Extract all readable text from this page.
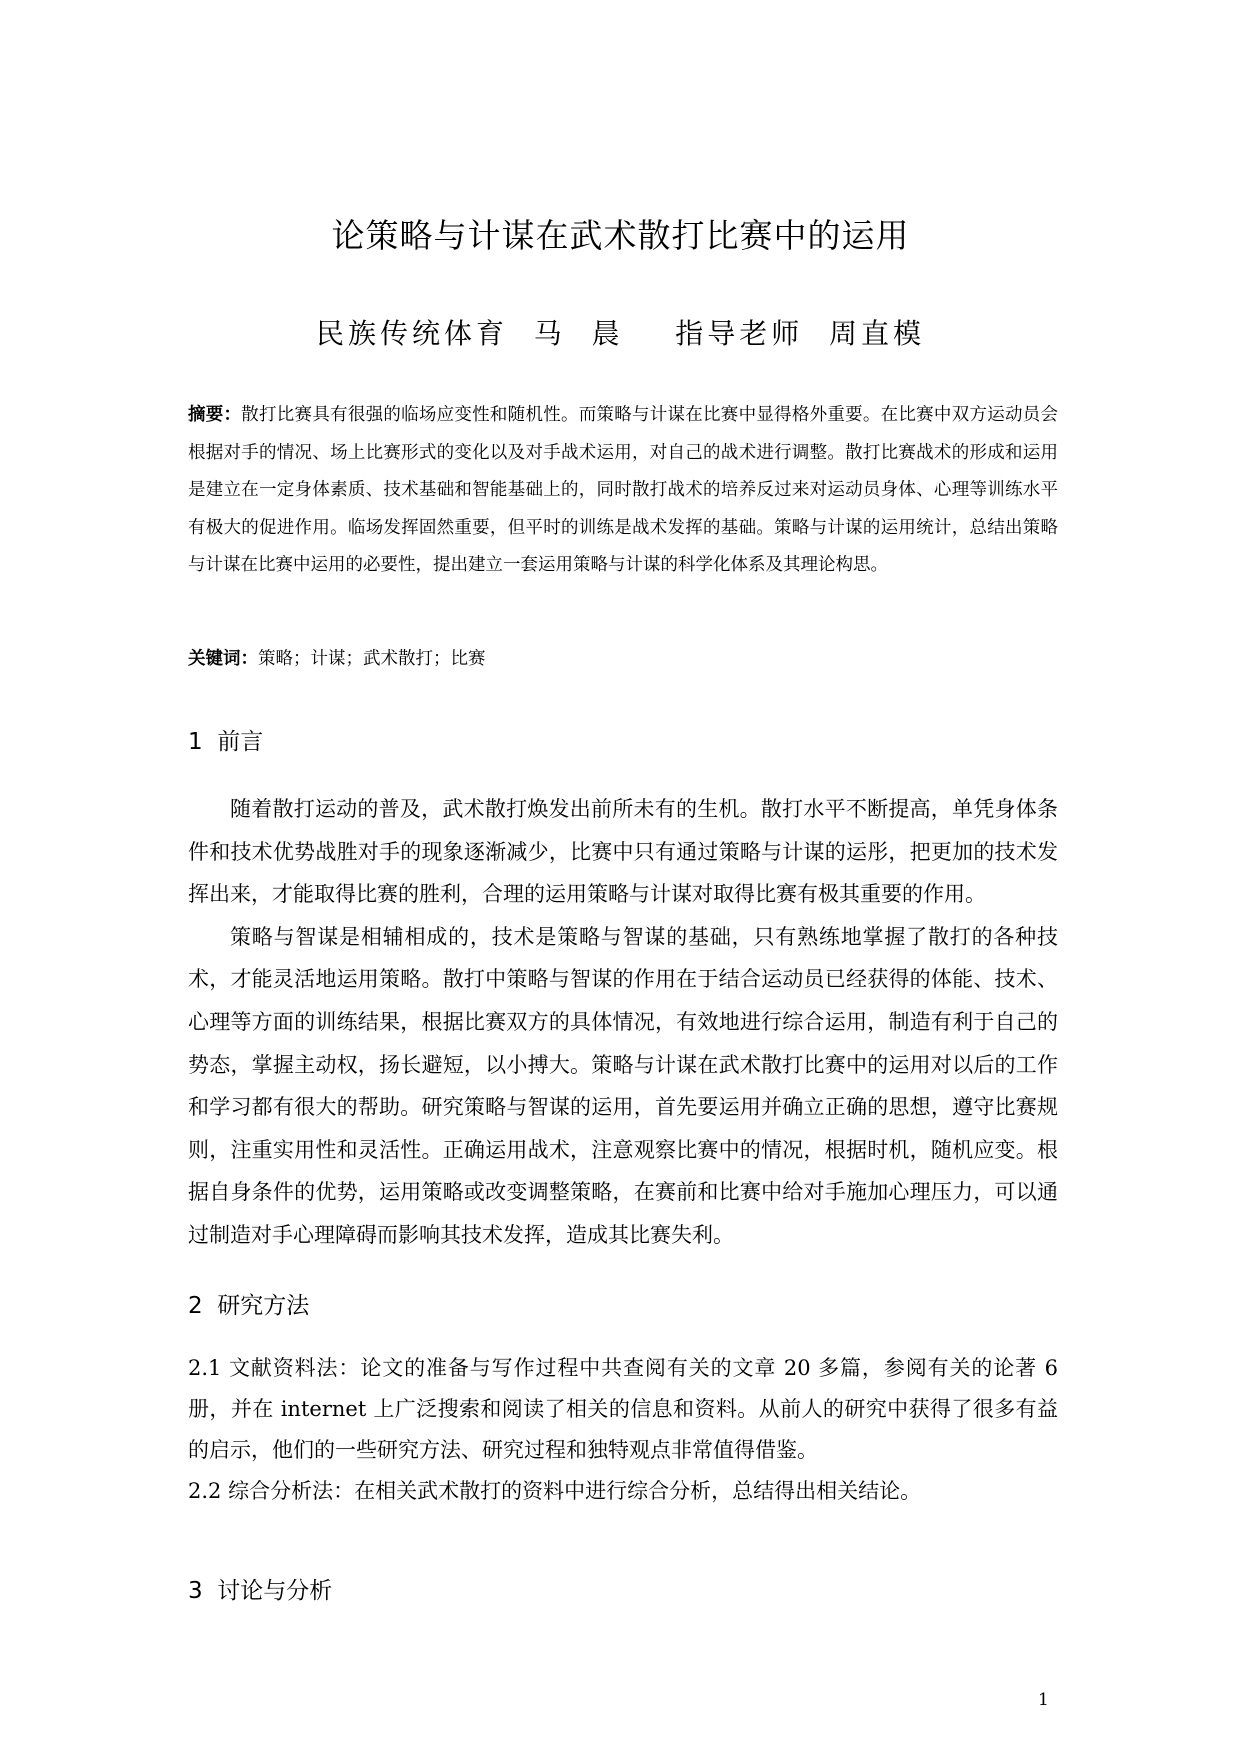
论策略与计谋在武术散打比赛中的运用
民族传统体育  马  晨    指导老师  周直模
摘要：散打比赛具有很强的临场应变性和随机性。而策略与计谋在比赛中显得格外重要。在比赛中双方运动员会根据对手的情况、场上比赛形式的变化以及对手战术运用，对自己的战术进行调整。散打比赛战术的形成和运用是建立在一定身体素质、技术基础和智能基础上的，同时散打战术的培养反过来对运动员身体、心理等训练水平有极大的促进作用。临场发挥固然重要，但平时的训练是战术发挥的基础。策略与计谋的运用统计，总结出策略与计谋在比赛中运用的必要性，提出建立一套运用策略与计谋的科学化体系及其理论构思。
关键词：策略；计谋；武术散打；比赛
1  前言

随着散打运动的普及，武术散打焕发出前所未有的生机。散打水平不断提高，单凭身体条件和技术优势战胜对手的现象逐渐减少，比赛中只有通过策略与计谋的运彤，把更加的技术发挥出来，才能取得比赛的胜利，合理的运用策略与计谋对取得比赛有极其重要的作用。

策略与智谋是相辅相成的，技术是策略与智谋的基础，只有熟练地掌握了散打的各种技术，才能灵活地运用策略。散打中策略与智谋的作用在于结合运动员已经获得的体能、技术、心理等方面的训练结果，根据比赛双方的具体情况，有效地进行综合运用，制造有利于自己的势态，掌握主动权，扬长避短，以小搏大。策略与计谋在武术散打比赛中的运用对以后的工作和学习都有很大的帮助。研究策略与智谋的运用，首先要运用并确立正确的思想，遵守比赛规则，注重实用性和灵活性。正确运用战术，注意观察比赛中的情况，根据时机，随机应变。根据自身条件的优势，运用策略或改变调整策略，在赛前和比赛中给对手施加心理压力，可以通过制造对手心理障碍而影响其技术发挥，造成其比赛失利。

2  研究方法

2.1 文献资料法：论文的准备与写作过程中共查阅有关的文章 20 多篇，参阅有关的论著 6 册，并在 internet 上广泛搜索和阅读了相关的信息和资料。从前人的研究中获得了很多有益的启示，他们的一些研究方法、研究过程和独特观点非常值得借鉴。

2.2 综合分析法：在相关武术散打的资料中进行综合分析，总结得出相关结论。

3  讨论与分析
1
